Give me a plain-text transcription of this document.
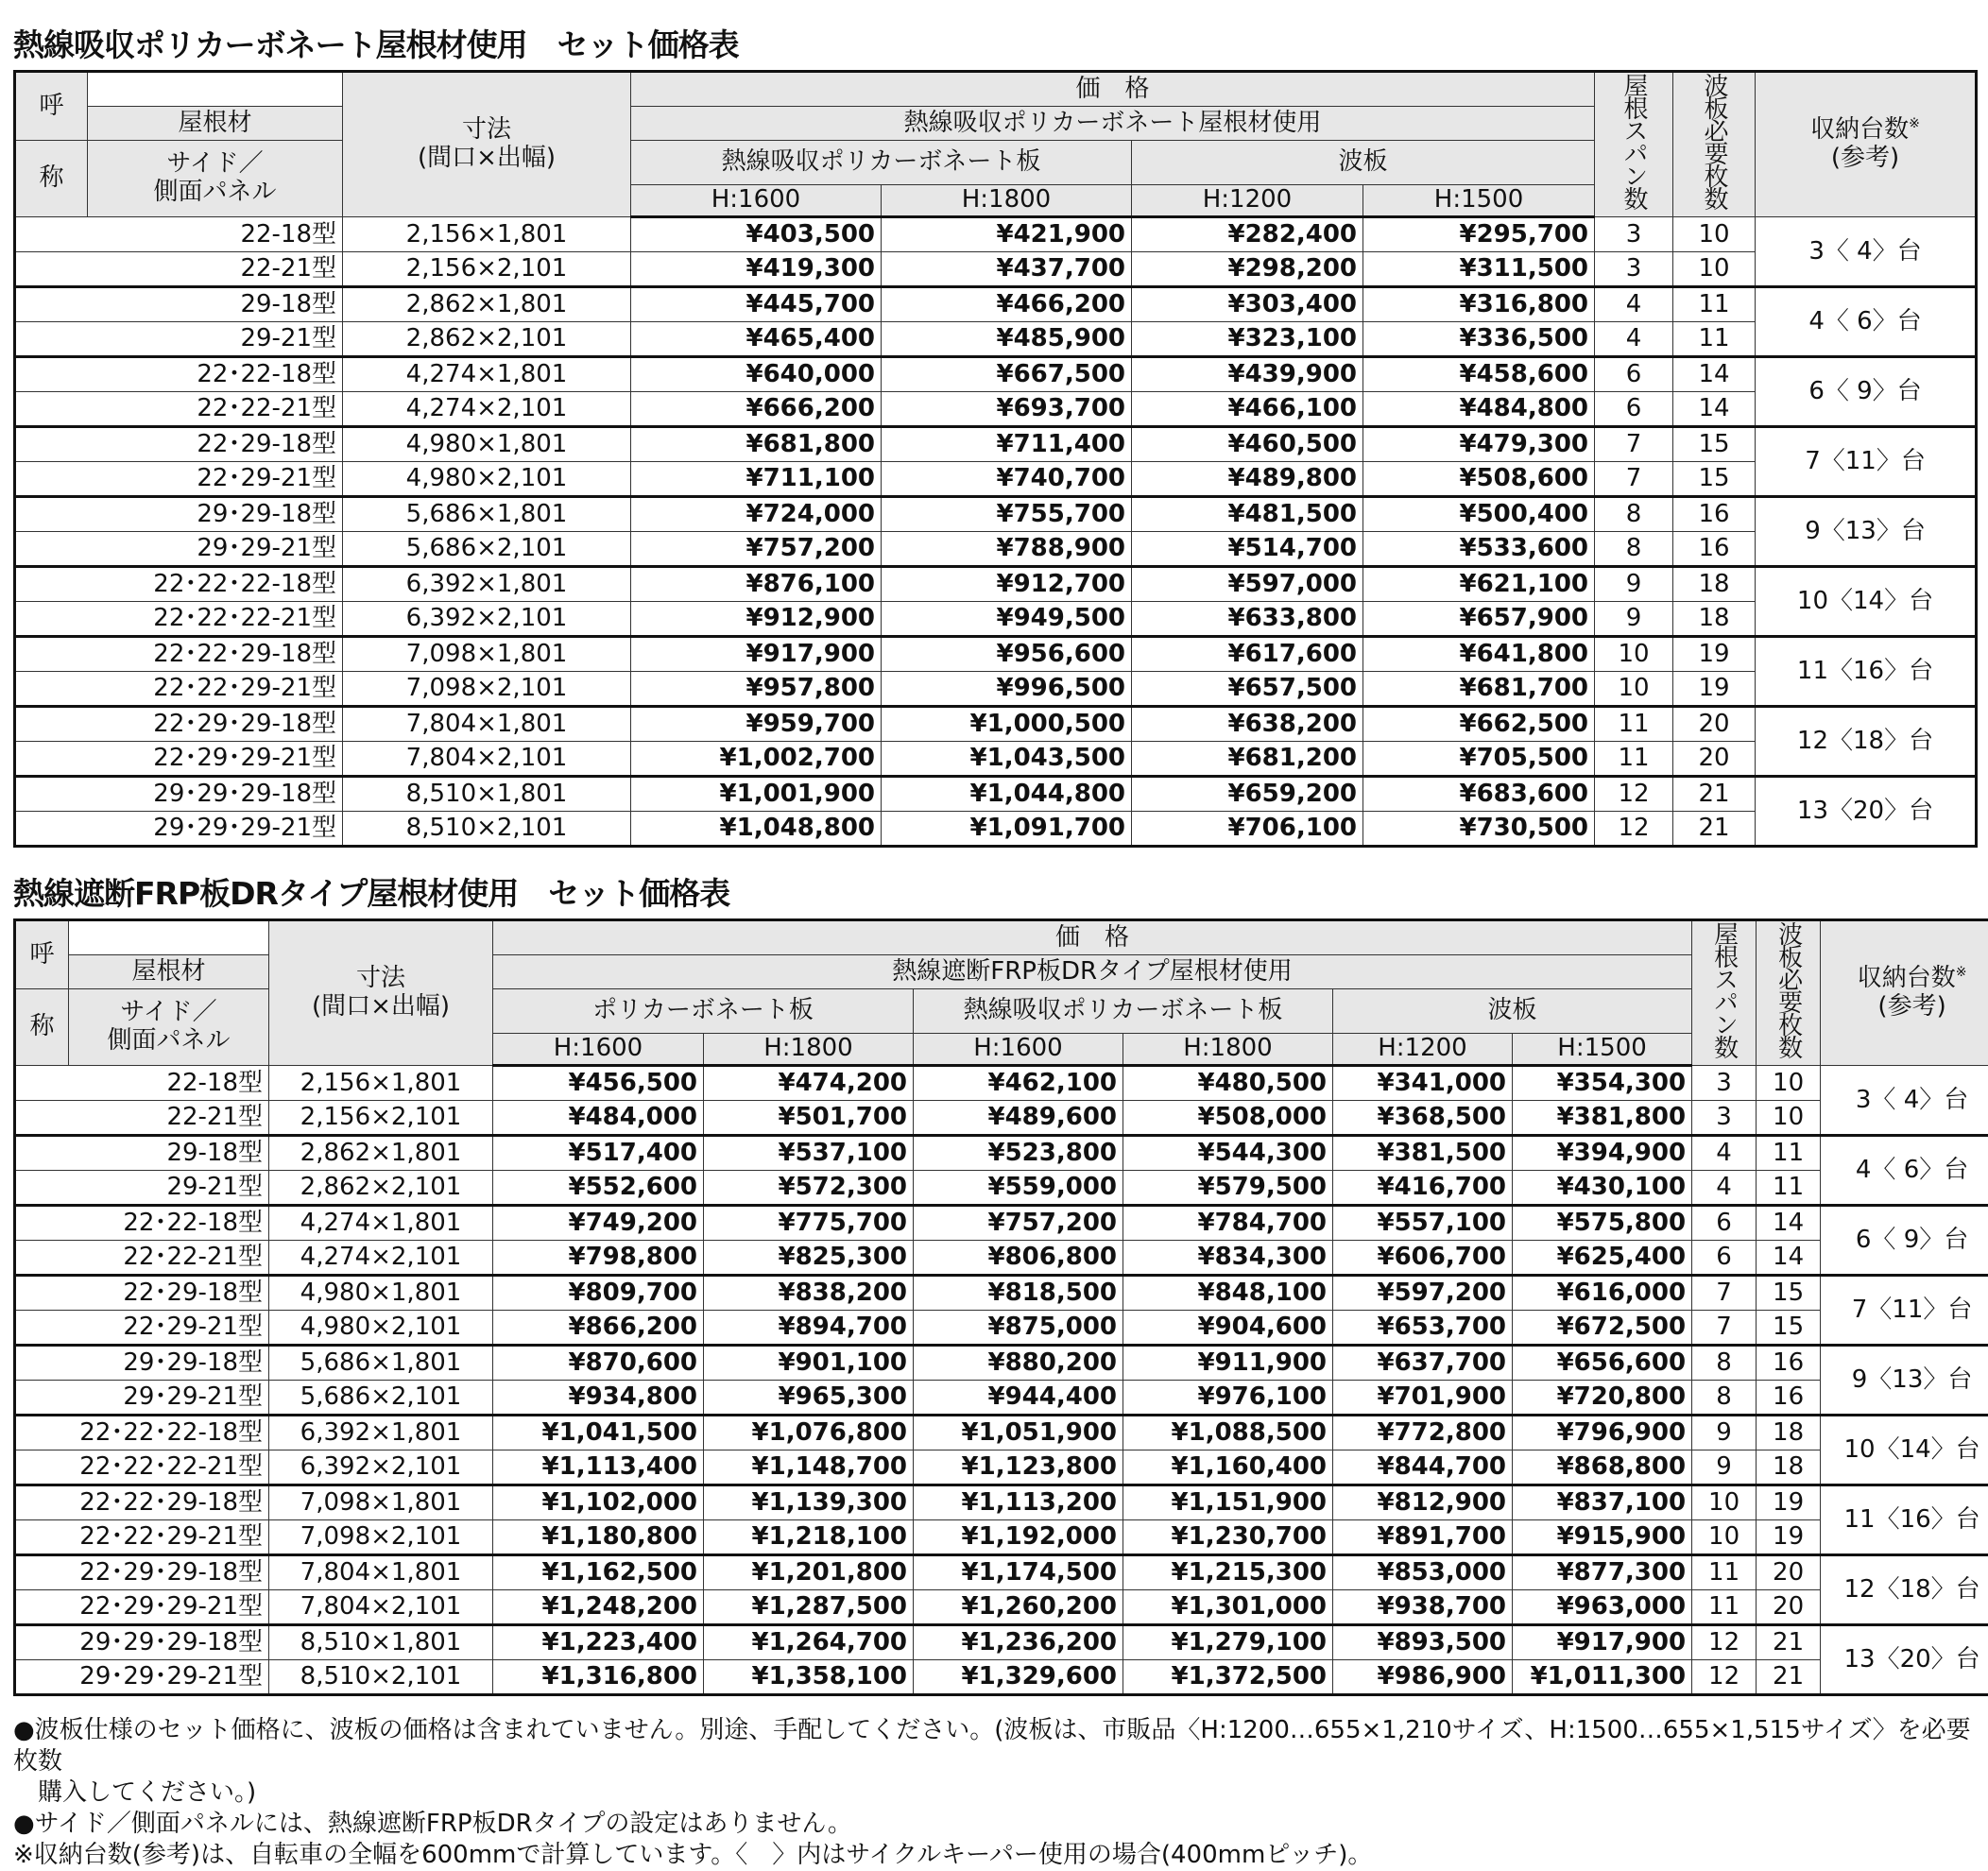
熱線吸収ポリカーボネート屋根材使用　セット価格表
呼		寸法
(間口×出幅)	価　格				屋根スパン数	波板必要枚数	収納台数※
(参考)
	屋根材		熱線吸収ポリカーボネート屋根材使用						
称	サイド／
側面パネル		熱線吸収ポリカーボネート板		波板				
			H:1600	H:1800	H:1200	H:1500			
22-18型		2,156×1,801	¥403,500	¥421,900	¥282,400	¥295,700	3	10	3〈 4〉台
22-21型		2,156×2,101	¥419,300	¥437,700	¥298,200	¥311,500	3	10	
29-18型		2,862×1,801	¥445,700	¥466,200	¥303,400	¥316,800	4	11	4〈 6〉台
29-21型		2,862×2,101	¥465,400	¥485,900	¥323,100	¥336,500	4	11	
22･22-18型		4,274×1,801	¥640,000	¥667,500	¥439,900	¥458,600	6	14	6〈 9〉台
22･22-21型		4,274×2,101	¥666,200	¥693,700	¥466,100	¥484,800	6	14	
22･29-18型		4,980×1,801	¥681,800	¥711,400	¥460,500	¥479,300	7	15	7〈11〉台
22･29-21型		4,980×2,101	¥711,100	¥740,700	¥489,800	¥508,600	7	15	
29･29-18型		5,686×1,801	¥724,000	¥755,700	¥481,500	¥500,400	8	16	9〈13〉台
29･29-21型		5,686×2,101	¥757,200	¥788,900	¥514,700	¥533,600	8	16	
22･22･22-18型		6,392×1,801	¥876,100	¥912,700	¥597,000	¥621,100	9	18	10〈14〉台
22･22･22-21型		6,392×2,101	¥912,900	¥949,500	¥633,800	¥657,900	9	18	
22･22･29-18型		7,098×1,801	¥917,900	¥956,600	¥617,600	¥641,800	10	19	11〈16〉台
22･22･29-21型		7,098×2,101	¥957,800	¥996,500	¥657,500	¥681,700	10	19	
22･29･29-18型		7,804×1,801	¥959,700	¥1,000,500	¥638,200	¥662,500	11	20	12〈18〉台
22･29･29-21型		7,804×2,101	¥1,002,700	¥1,043,500	¥681,200	¥705,500	11	20	
29･29･29-18型		8,510×1,801	¥1,001,900	¥1,044,800	¥659,200	¥683,600	12	21	13〈20〉台
29･29･29-21型		8,510×2,101	¥1,048,800	¥1,091,700	¥706,100	¥730,500	12	21	
熱線遮断FRP板DRタイプ屋根材使用　セット価格表
呼		寸法
(間口×出幅)	価　格						屋根スパン数	波板必要枚数	収納台数※
(参考)
	屋根材		熱線遮断FRP板DRタイプ屋根材使用								
称	サイド／
側面パネル		ポリカーボネート板		熱線吸収ポリカーボネート板		波板				
			H:1600	H:1800	H:1600	H:1800	H:1200	H:1500			
22-18型		2,156×1,801	¥456,500	¥474,200	¥462,100	¥480,500	¥341,000	¥354,300	3	10	3〈 4〉台
22-21型		2,156×2,101	¥484,000	¥501,700	¥489,600	¥508,000	¥368,500	¥381,800	3	10	
29-18型		2,862×1,801	¥517,400	¥537,100	¥523,800	¥544,300	¥381,500	¥394,900	4	11	4〈 6〉台
29-21型		2,862×2,101	¥552,600	¥572,300	¥559,000	¥579,500	¥416,700	¥430,100	4	11	
22･22-18型		4,274×1,801	¥749,200	¥775,700	¥757,200	¥784,700	¥557,100	¥575,800	6	14	6〈 9〉台
22･22-21型		4,274×2,101	¥798,800	¥825,300	¥806,800	¥834,300	¥606,700	¥625,400	6	14	
22･29-18型		4,980×1,801	¥809,700	¥838,200	¥818,500	¥848,100	¥597,200	¥616,000	7	15	7〈11〉台
22･29-21型		4,980×2,101	¥866,200	¥894,700	¥875,000	¥904,600	¥653,700	¥672,500	7	15	
29･29-18型		5,686×1,801	¥870,600	¥901,100	¥880,200	¥911,900	¥637,700	¥656,600	8	16	9〈13〉台
29･29-21型		5,686×2,101	¥934,800	¥965,300	¥944,400	¥976,100	¥701,900	¥720,800	8	16	
22･22･22-18型		6,392×1,801	¥1,041,500	¥1,076,800	¥1,051,900	¥1,088,500	¥772,800	¥796,900	9	18	10〈14〉台
22･22･22-21型		6,392×2,101	¥1,113,400	¥1,148,700	¥1,123,800	¥1,160,400	¥844,700	¥868,800	9	18	
22･22･29-18型		7,098×1,801	¥1,102,000	¥1,139,300	¥1,113,200	¥1,151,900	¥812,900	¥837,100	10	19	11〈16〉台
22･22･29-21型		7,098×2,101	¥1,180,800	¥1,218,100	¥1,192,000	¥1,230,700	¥891,700	¥915,900	10	19	
22･29･29-18型		7,804×1,801	¥1,162,500	¥1,201,800	¥1,174,500	¥1,215,300	¥853,000	¥877,300	11	20	12〈18〉台
22･29･29-21型		7,804×2,101	¥1,248,200	¥1,287,500	¥1,260,200	¥1,301,000	¥938,700	¥963,000	11	20	
29･29･29-18型		8,510×1,801	¥1,223,400	¥1,264,700	¥1,236,200	¥1,279,100	¥893,500	¥917,900	12	21	13〈20〉台
29･29･29-21型		8,510×2,101	¥1,316,800	¥1,358,100	¥1,329,600	¥1,372,500	¥986,900	¥1,011,300	12	21	

●波板仕様のセット価格に、波板の価格は含まれていません。別途、手配してください。(波板は、市販品〈H:1200…655×1,210サイズ、H:1500…655×1,515サイズ〉を必要枚数

　購入してください。)

●サイド／側面パネルには、熱線遮断FRP板DRタイプの設定はありません。

※収納台数(参考)は、自転車の全幅を600mmで計算しています。〈　〉内はサイクルキーパー使用の場合(400mmピッチ)。
